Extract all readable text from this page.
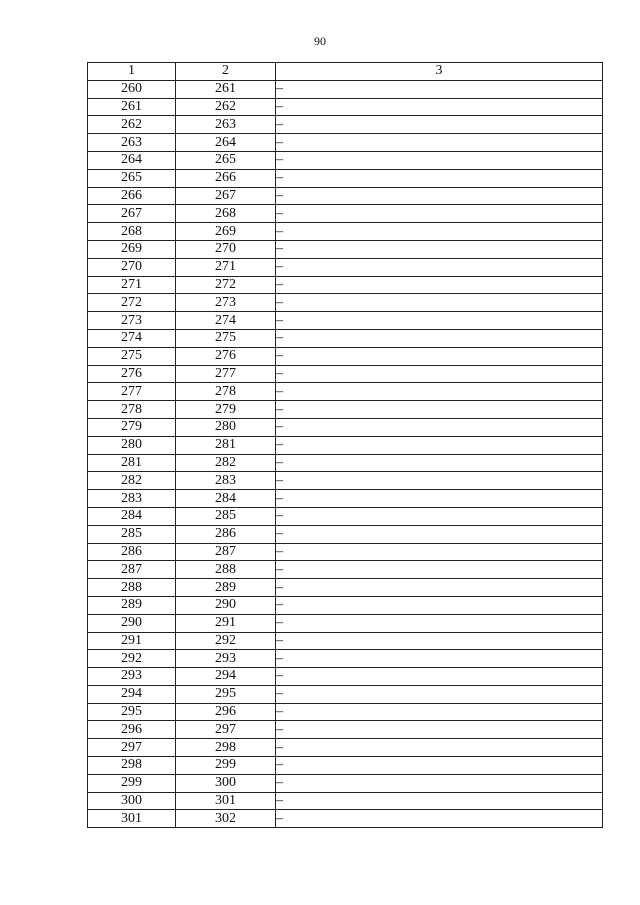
90
1	2	3
260	261	–
261	262	–
262	263	–
263	264	–
264	265	–
265	266	–
266	267	–
267	268	–
268	269	–
269	270	–
270	271	–
271	272	–
272	273	–
273	274	–
274	275	–
275	276	–
276	277	–
277	278	–
278	279	–
279	280	–
280	281	–
281	282	–
282	283	–
283	284	–
284	285	–
285	286	–
286	287	–
287	288	–
288	289	–
289	290	–
290	291	–
291	292	–
292	293	–
293	294	–
294	295	–
295	296	–
296	297	–
297	298	–
298	299	–
299	300	–
300	301	–
301	302	–
